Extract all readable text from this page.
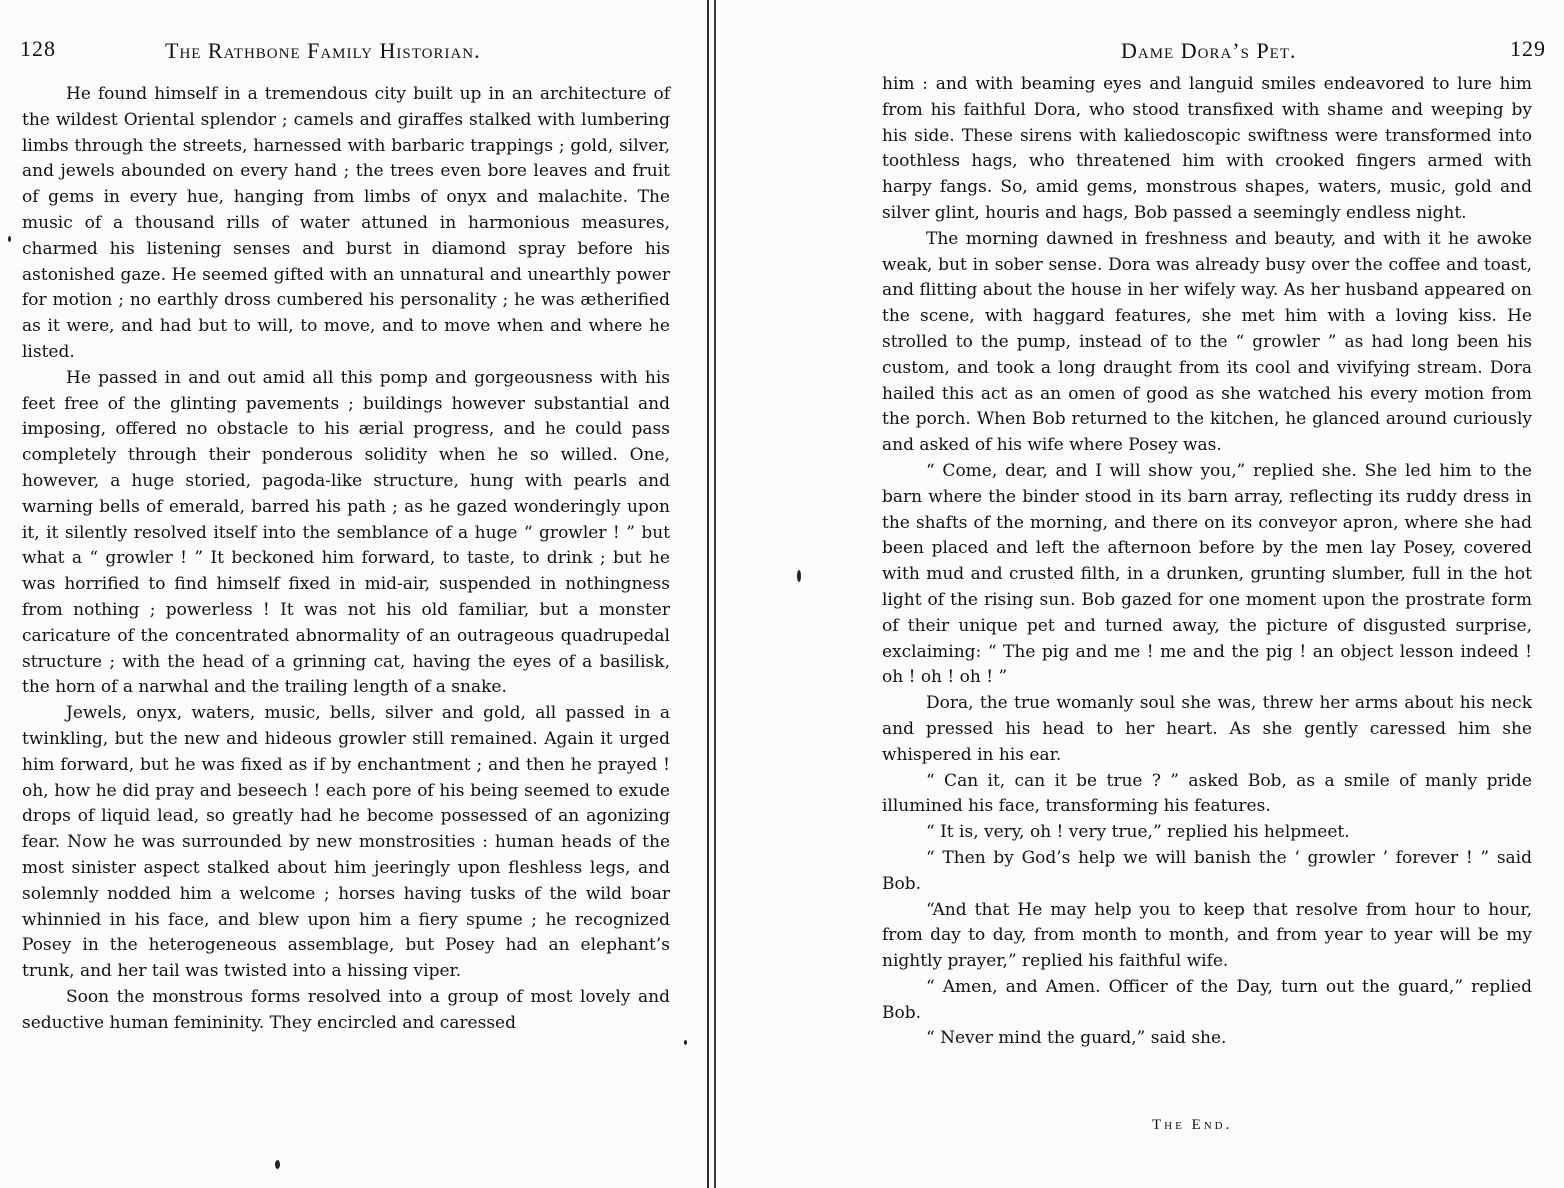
128	The Rathbone Family Historian.

He found himself in a tremendous city built up in an architecture of the wildest Oriental splendor ; camels and giraffes stalked with lumbering limbs through the streets, harnessed with barbaric trappings ; gold, silver, and jewels abounded on every hand ; the trees even bore leaves and fruit of gems in every hue, hanging from limbs of onyx and malachite. The music of a thousand rills of water attuned in harmonious measures, charmed his listening senses and burst in diamond spray before his astonished gaze. He seemed gifted with an unnatural and unearthly power for motion ; no earthly dross cumbered his personality ; he was ætherified as it were, and had but to will, to move, and to move when and where he listed.

He passed in and out amid all this pomp and gorgeousness with his feet free of the glinting pavements ; buildings however substantial and imposing, offered no obstacle to his ærial progress, and he could pass completely through their ponderous solidity when he so willed. One, however, a huge storied, pagoda-like structure, hung with pearls and warning bells of emerald, barred his path ; as he gazed wonderingly upon it, it silently resolved itself into the semblance of a huge “ growler ! ” but what a “ growler ! ” It beckoned him forward, to taste, to drink ; but he was horrified to find himself fixed in mid-air, suspended in nothingness from nothing ; powerless ! It was not his old familiar, but a monster caricature of the concentrated abnormality of an outrageous quadrupedal structure ; with the head of a grinning cat, having the eyes of a basilisk, the horn of a narwhal and the trailing length of a snake.

Jewels, onyx, waters, music, bells, silver and gold, all passed in a twinkling, but the new and hideous growler still remained. Again it urged him forward, but he was fixed as if by enchantment ; and then he prayed ! oh, how he did pray and beseech ! each pore of his being seemed to exude drops of liquid lead, so greatly had he become possessed of an agonizing fear. Now he was surrounded by new monstrosities : human heads of the most sinister aspect stalked about him jeeringly upon fleshless legs, and solemnly nodded him a welcome ; horses having tusks of the wild boar whinnied in his face, and blew upon him a fiery spume ; he recognized Posey in the heterogeneous assemblage, but Posey had an elephant’s trunk, and her tail was twisted into a hissing viper.

Soon the monstrous forms resolved into a group of most lovely and seductive human femininity. They encircled and caressed

Dame Dora’s Pet.	129

him : and with beaming eyes and languid smiles endeavored to lure him from his faithful Dora, who stood transfixed with shame and weeping by his side. These sirens with kaliedoscopic swiftness were transformed into toothless hags, who threatened him with crooked fingers armed with harpy fangs. So, amid gems, monstrous shapes, waters, music, gold and silver glint, houris and hags, Bob passed a seemingly endless night.

The morning dawned in freshness and beauty, and with it he awoke weak, but in sober sense. Dora was already busy over the coffee and toast, and flitting about the house in her wifely way. As her husband appeared on the scene, with haggard features, she met him with a loving kiss. He strolled to the pump, instead of to the “ growler ” as had long been his custom, and took a long draught from its cool and vivifying stream. Dora hailed this act as an omen of good as she watched his every motion from the porch. When Bob returned to the kitchen, he glanced around curiously and asked of his wife where Posey was.

“ Come, dear, and I will show you,” replied she. She led him to the barn where the binder stood in its barn array, reflecting its ruddy dress in the shafts of the morning, and there on its conveyor apron, where she had been placed and left the afternoon before by the men lay Posey, covered with mud and crusted filth, in a drunken, grunting slumber, full in the hot light of the rising sun. Bob gazed for one moment upon the prostrate form of their unique pet and turned away, the picture of disgusted surprise, exclaiming: “ The pig and me ! me and the pig ! an object lesson indeed ! oh ! oh ! oh ! ”

Dora, the true womanly soul she was, threw her arms about his neck and pressed his head to her heart. As she gently caressed him she whispered in his ear.

“ Can it, can it be true ? ” asked Bob, as a smile of manly pride illumined his face, transforming his features.

“ It is, very, oh ! very true,” replied his helpmeet.

“ Then by God’s help we will banish the ‘ growler ’ forever ! ” said Bob.

“And that He may help you to keep that resolve from hour to hour, from day to day, from month to month, and from year to year will be my nightly prayer,” replied his faithful wife.

“ Amen, and Amen. Officer of the Day, turn out the guard,” replied Bob.

“ Never mind the guard,” said she.

The End.
